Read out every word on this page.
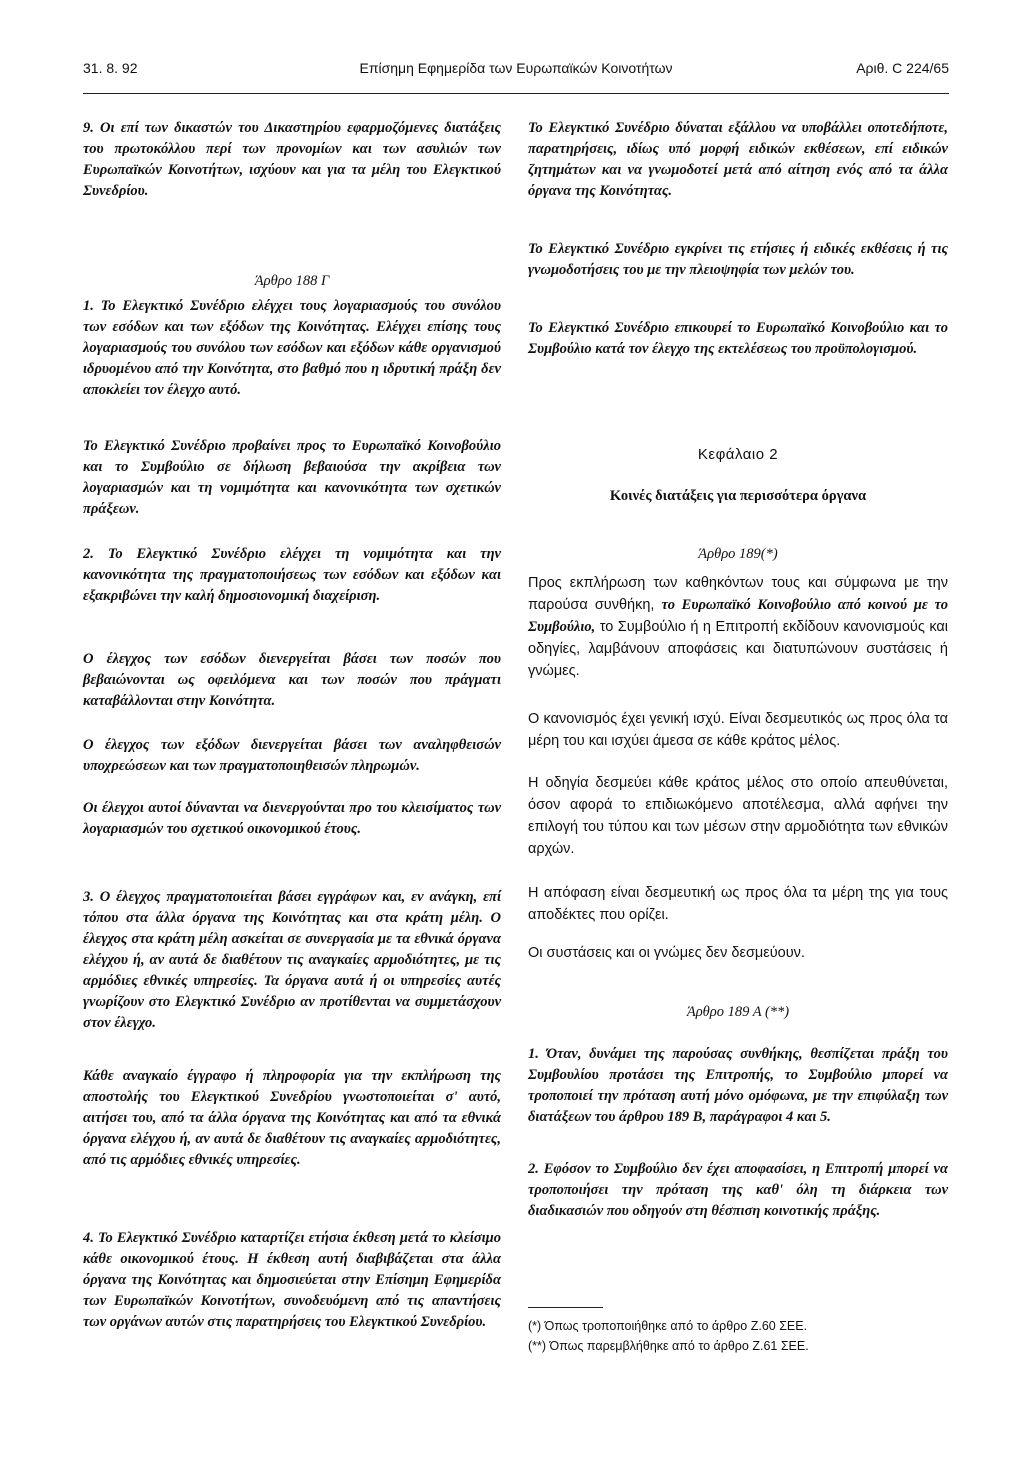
31. 8. 92	Επίσημη Εφημερίδα των Ευρωπαϊκών Κοινοτήτων	Αριθ. C 224/65

9. Οι επί των δικαστών του Δικαστηρίου εφαρμοζόμενες διατάξεις του πρωτοκόλλου περί των προνομίων και των ασυλιών των Ευρωπαϊκών Κοινοτήτων, ισχύουν και για τα μέλη του Ελεγκτικού Συνεδρίου.

Άρθρο 188 Γ

1. Το Ελεγκτικό Συνέδριο ελέγχει τους λογαριασμούς του συνόλου των εσόδων και των εξόδων της Κοινότητας. Ελέγχει επίσης τους λογαριασμούς του συνόλου των εσόδων και εξόδων κάθε οργανισμού ιδρυομένου από την Κοινότητα, στο βαθμό που η ιδρυτική πράξη δεν αποκλείει τον έλεγχο αυτό.

Το Ελεγκτικό Συνέδριο προβαίνει προς το Ευρωπαϊκό Κοινοβούλιο και το Συμβούλιο σε δήλωση βεβαιούσα την ακρίβεια των λογαριασμών και τη νομιμότητα και κανονικότητα των σχετικών πράξεων.

2. Το Ελεγκτικό Συνέδριο ελέγχει τη νομιμότητα και την κανονικότητα της πραγματοποιήσεως των εσόδων και εξόδων και εξακριβώνει την καλή δημοσιονομική διαχείριση.

Ο έλεγχος των εσόδων διενεργείται βάσει των ποσών που βεβαιώνονται ως οφειλόμενα και των ποσών που πράγματι καταβάλλονται στην Κοινότητα.

Ο έλεγχος των εξόδων διενεργείται βάσει των αναληφθεισών υποχρεώσεων και των πραγματοποιηθεισών πληρωμών.

Οι έλεγχοι αυτοί δύνανται να διενεργούνται προ του κλεισίματος των λογαριασμών του σχετικού οικονομικού έτους.

3. Ο έλεγχος πραγματοποιείται βάσει εγγράφων και, εν ανάγκη, επί τόπου στα άλλα όργανα της Κοινότητας και στα κράτη μέλη. Ο έλεγχος στα κράτη μέλη ασκείται σε συνεργασία με τα εθνικά όργανα ελέγχου ή, αν αυτά δε διαθέτουν τις αναγκαίες αρμοδιότητες, με τις αρμόδιες εθνικές υπηρεσίες. Τα όργανα αυτά ή οι υπηρεσίες αυτές γνωρίζουν στο Ελεγκτικό Συνέδριο αν προτίθενται να συμμετάσχουν στον έλεγχο.

Κάθε αναγκαίο έγγραφο ή πληροφορία για την εκπλήρωση της αποστολής του Ελεγκτικού Συνεδρίου γνωστοποιείται σ' αυτό, αιτήσει του, από τα άλλα όργανα της Κοινότητας και από τα εθνικά όργανα ελέγχου ή, αν αυτά δε διαθέτουν τις αναγκαίες αρμοδιότητες, από τις αρμόδιες εθνικές υπηρεσίες.

4. Το Ελεγκτικό Συνέδριο καταρτίζει ετήσια έκθεση μετά το κλείσιμο κάθε οικονομικού έτους. Η έκθεση αυτή διαβιβάζεται στα άλλα όργανα της Κοινότητας και δημοσιεύεται στην Επίσημη Εφημερίδα των Ευρωπαϊκών Κοινοτήτων, συνοδευόμενη από τις απαντήσεις των οργάνων αυτών στις παρατηρήσεις του Ελεγκτικού Συνεδρίου.

Το Ελεγκτικό Συνέδριο δύναται εξάλλου να υποβάλλει οποτεδήποτε, παρατηρήσεις, ιδίως υπό μορφή ειδικών εκθέσεων, επί ειδικών ζητημάτων και να γνωμοδοτεί μετά από αίτηση ενός από τα άλλα όργανα της Κοινότητας.

Το Ελεγκτικό Συνέδριο εγκρίνει τις ετήσιες ή ειδικές εκθέσεις ή τις γνωμοδοτήσεις του με την πλειοψηφία των μελών του.

Το Ελεγκτικό Συνέδριο επικουρεί το Ευρωπαϊκό Κοινοβούλιο και το Συμβούλιο κατά τον έλεγχο της εκτελέσεως του προϋπολογισμού.

Κεφάλαιο 2
Κοινές διατάξεις για περισσότερα όργανα
Άρθρο 189(*)

Προς εκπλήρωση των καθηκόντων τους και σύμφωνα με την παρούσα συνθήκη, το Ευρωπαϊκό Κοινοβούλιο από κοινού με το Συμβούλιο, το Συμβούλιο ή η Επιτροπή εκδίδουν κανονισμούς και οδηγίες, λαμβάνουν αποφάσεις και διατυπώνουν συστάσεις ή γνώμες.

Ο κανονισμός έχει γενική ισχύ. Είναι δεσμευτικός ως προς όλα τα μέρη του και ισχύει άμεσα σε κάθε κράτος μέλος.

Η οδηγία δεσμεύει κάθε κράτος μέλος στο οποίο απευθύνεται, όσον αφορά το επιδιωκόμενο αποτέλεσμα, αλλά αφήνει την επιλογή του τύπου και των μέσων στην αρμοδιότητα των εθνικών αρχών.

Η απόφαση είναι δεσμευτική ως προς όλα τα μέρη της για τους αποδέκτες που ορίζει.

Οι συστάσεις και οι γνώμες δεν δεσμεύουν.

Άρθρο 189 Α (**)

1. Όταν, δυνάμει της παρούσας συνθήκης, θεσπίζεται πράξη του Συμβουλίου προτάσει της Επιτροπής, το Συμβούλιο μπορεί να τροποποιεί την πρόταση αυτή μόνο ομόφωνα, με την επιφύλαξη των διατάξεων του άρθρου 189 Β, παράγραφοι 4 και 5.

2. Εφόσον το Συμβούλιο δεν έχει αποφασίσει, η Επιτροπή μπορεί να τροποποιήσει την πρόταση της καθ' όλη τη διάρκεια των διαδικασιών που οδηγούν στη θέσπιση κοινοτικής πράξης.

(*) Όπως τροποποιήθηκε από το άρθρο Ζ.60 ΣΕΕ.

(**) Όπως παρεμβλήθηκε από το άρθρο Ζ.61 ΣΕΕ.
